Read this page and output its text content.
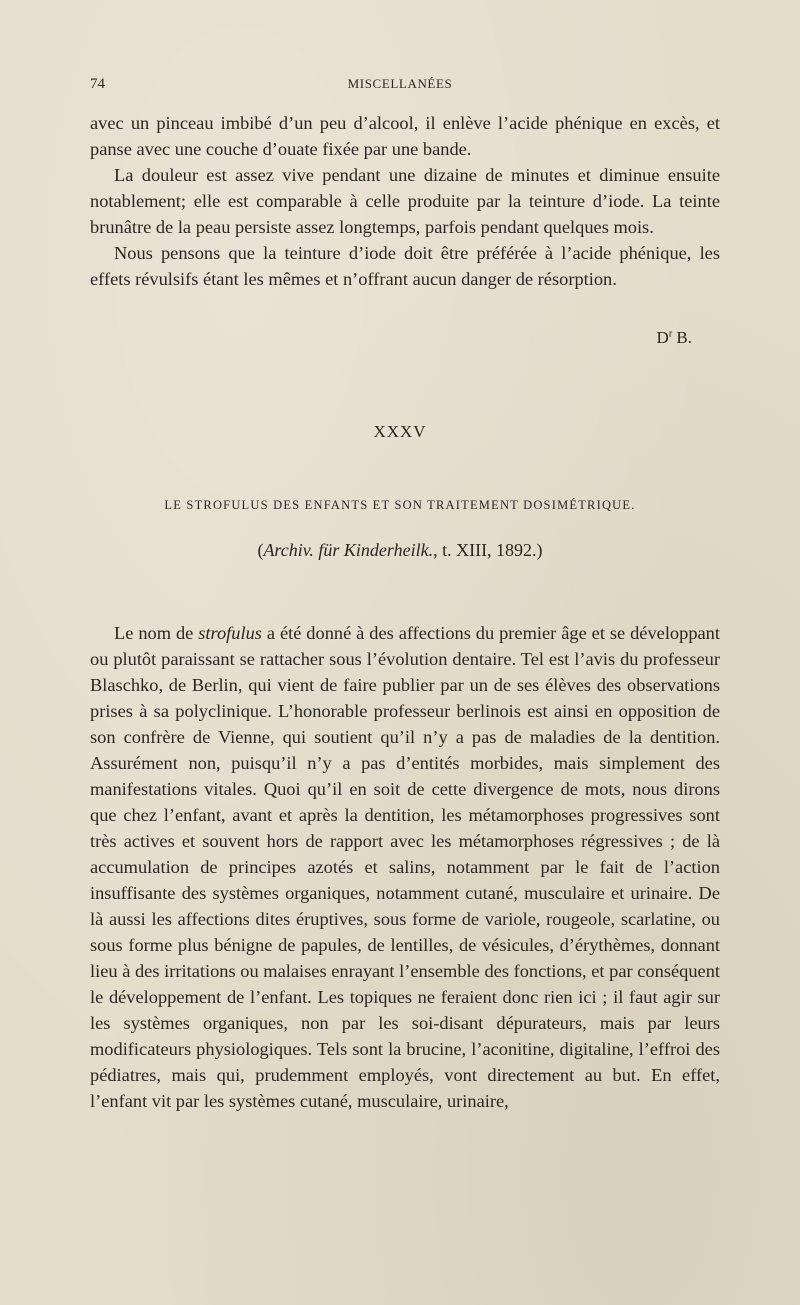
74	MISCELLANÉES

avec un pinceau imbibé d’un peu d’alcool, il enlève l’acide phénique en excès, et panse avec une couche d’ouate fixée par une bande.

La douleur est assez vive pendant une dizaine de minutes et diminue ensuite notablement; elle est comparable à celle produite par la teinture d’iode. La teinte brunâtre de la peau persiste assez longtemps, parfois pendant quelques mois.

Nous pensons que la teinture d’iode doit être préférée à l’acide phénique, les effets révulsifs étant les mêmes et n’offrant aucun danger de résorption.

$D^r$ B.
XXXV
LE STROFULUS DES ENFANTS ET SON TRAITEMENT DOSIMÉTRIQUE.
(Archiv. für Kinderheilk., t. XIII, 1892.)

Le nom de strofulus a été donné à des affections du premier âge et se développant ou plutôt paraissant se rattacher sous l’évolution dentaire. Tel est l’avis du professeur Blaschko, de Berlin, qui vient de faire publier par un de ses élèves des observations prises à sa polyclinique. L’honorable professeur berlinois est ainsi en opposition de son confrère de Vienne, qui soutient qu’il n’y a pas de maladies de la dentition. Assurément non, puisqu’il n’y a pas d’entités morbides, mais simplement des manifestations vitales. Quoi qu’il en soit de cette divergence de mots, nous dirons que chez l’enfant, avant et après la dentition, les métamorphoses progressives sont très actives et souvent hors de rapport avec les métamorphoses régressives ; de là accumulation de principes azotés et salins, notamment par le fait de l’action insuffisante des systèmes organiques, notamment cutané, musculaire et urinaire. De là aussi les affections dites éruptives, sous forme de variole, rougeole, scarlatine, ou sous forme plus bénigne de papules, de lentilles, de vésicules, d’érythèmes, donnant lieu à des irritations ou malaises enrayant l’ensemble des fonctions, et par conséquent le développement de l’enfant. Les topiques ne feraient donc rien ici ; il faut agir sur les systèmes organiques, non par les soi-disant dépurateurs, mais par leurs modificateurs physiologiques. Tels sont la brucine, l’aconitine, digitaline, l’effroi des pédiatres, mais qui, prudemment employés, vont directement au but. En effet, l’enfant vit par les systèmes cutané, musculaire, urinaire,
